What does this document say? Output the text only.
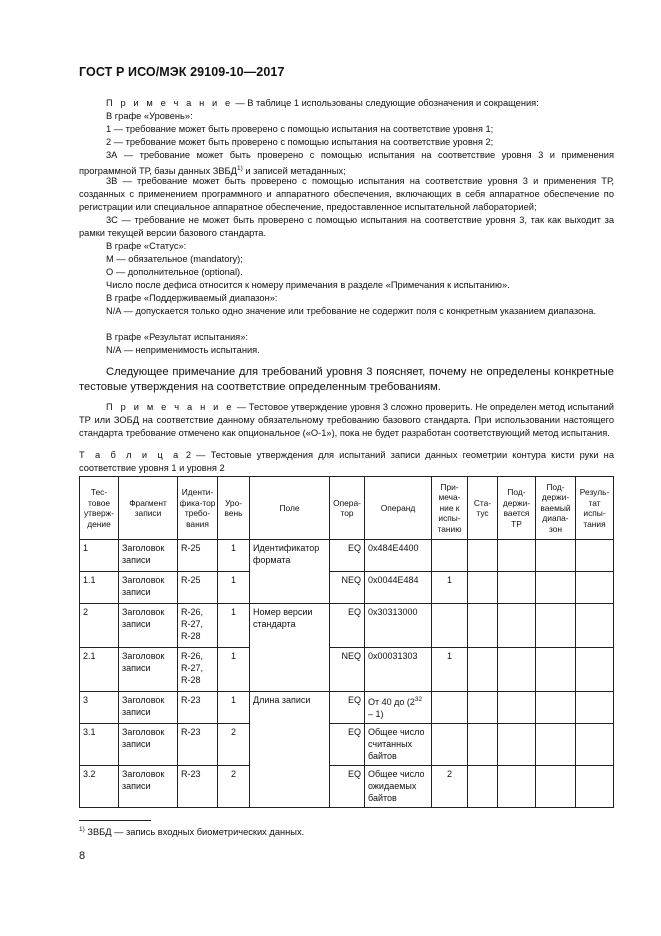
ГОСТ Р ИСО/МЭК 29109-10—2017
П р и м е ч а н и е — В таблице 1 использованы следующие обозначения и сокращения:
В графе «Уровень»:
1 — требование может быть проверено с помощью испытания на соответствие уровня 1;
2 — требование может быть проверено с помощью испытания на соответствие уровня 2;
3А — требование может быть проверено с помощью испытания на соответствие уровня 3 и применения программной ТР, базы данных ЗВБД$^{1)}$ и записей метаданных;
3В — требование может быть проверено с помощью испытания на соответствие уровня 3 и применения ТР, созданных с применением программного и аппаратного обеспечения, включающих в себя аппаратное обеспечение по регистрации или специальное аппаратное обеспечение, предоставленное испытательной лабораторией;
3С — требование не может быть проверено с помощью испытания на соответствие уровня 3, так как выходит за рамки текущей версии базового стандарта.
В графе «Статус»:
М — обязательное (mandatory);
О — дополнительное (optional).
Число после дефиса относится к номеру примечания в разделе «Примечания к испытанию».
В графе «Поддерживаемый диапазон»:
N/A — допускается только одно значение или требование не содержит поля с конкретным указанием диапазона.
В графе «Результат испытания»:
N/A — неприменимость испытания.
Следующее примечание для требований уровня 3 поясняет, почему не определены конкретные тестовые утверждения на соответствие определенным требованиям.
П р и м е ч а н и е — Тестовое утверждение уровня 3 сложно проверить. Не определен метод испытаний ТР или ЗОБД на соответствие данному обязательному требованию базового стандарта. При использовании настоящего стандарта требование отмечено как опциональное («О-1»), пока не будет разработан соответствующий метод испытания.
Т а б л и ц а 2 — Тестовые утверждения для испытаний записи данных геометрии контура кисти руки на соответствие уровня 1 и уровня 2
Тес-товое утверж-дение	Фрагмент записи	Иденти-фика-тор требо-вания	Уро-вень	Поле	Опера-тор	Операнд	При-меча-ние к испы-танию	Ста-тус	Под-держи-вается ТР	Под-держи-ваемый диапа-зон	Резуль-тат испы-тания
1	Заголовок записи	R-25	1	Идентификатор формата	EQ	0x484E4400					
1.1	Заголовок записи	R-25	1		NEQ	0x0044E484	1				
2	Заголовок записи	R-26, R-27, R-28	1	Номер версии стандарта	EQ	0x30313000					
2.1	Заголовок записи	R-26, R-27, R-28	1		NEQ	0x00031303	1				
3	Заголовок записи	R-23	1	Длина записи	EQ	От 40 до $(2^{32} - 1)$					
3.1	Заголовок записи	R-23	2		EQ	Общее число считанных байтов					
3.2	Заголовок записи	R-23	2		EQ	Общее число ожидаемых байтов	2				
$^{1)}$ ЗВБД — запись входных биометрических данных.
8
